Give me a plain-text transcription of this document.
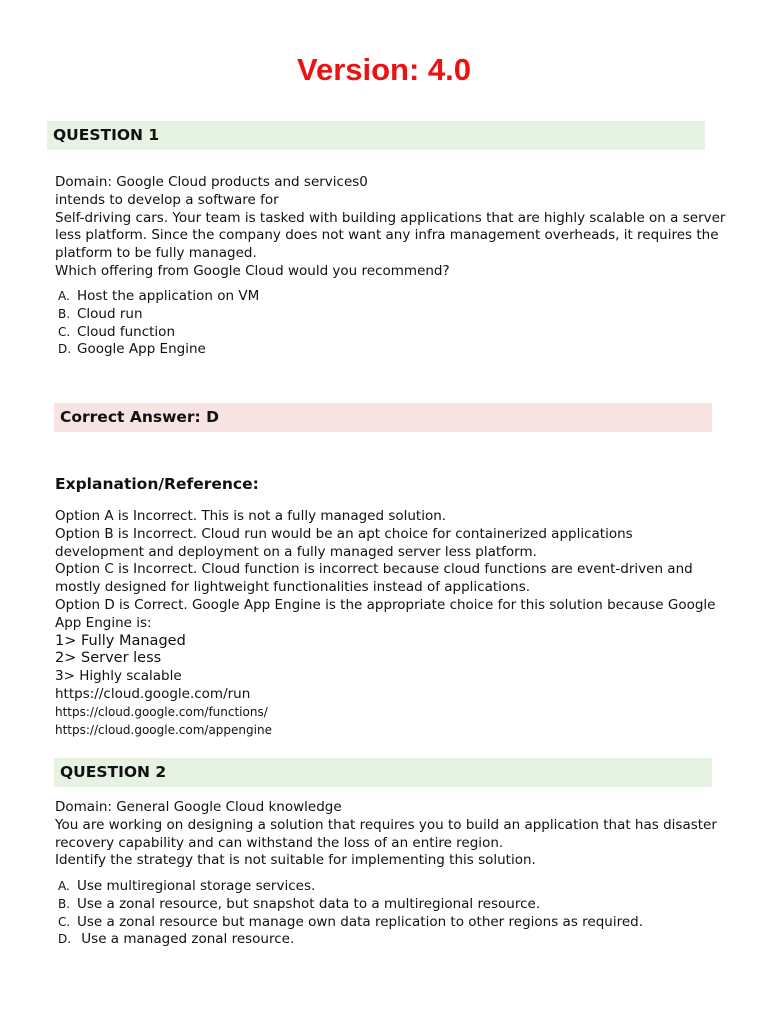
Version: 4.0
QUESTION 1
Domain: Google Cloud products and services0
intends to develop a software for
Self-driving cars. Your team is tasked with building applications that are highly scalable on a server
less platform. Since the company does not want any infra management overheads, it requires the
platform to be fully managed.
Which offering from Google Cloud would you recommend?
A. Host the application on VM
B. Cloud run
C. Cloud function
D. Google App Engine
Correct Answer: D
Explanation/Reference:
Option A is Incorrect. This is not a fully managed solution.
Option B is Incorrect. Cloud run would be an apt choice for containerized applications
development and deployment on a fully managed server less platform.
Option C is Incorrect. Cloud function is incorrect because cloud functions are event-driven and
mostly designed for lightweight functionalities instead of applications.
Option D is Correct. Google App Engine is the appropriate choice for this solution because Google
App Engine is:
1> Fully Managed
2> Server less
3> Highly scalable
https://cloud.google.com/run
https://cloud.google.com/functions/
https://cloud.google.com/appengine
QUESTION 2
Domain: General Google Cloud knowledge
You are working on designing a solution that requires you to build an application that has disaster
recovery capability and can withstand the loss of an entire region.
Identify the strategy that is not suitable for implementing this solution.
A. Use multiregional storage services.
B. Use a zonal resource, but snapshot data to a multiregional resource.
C. Use a zonal resource but manage own data replication to other regions as required.
D. Use a managed zonal resource.
